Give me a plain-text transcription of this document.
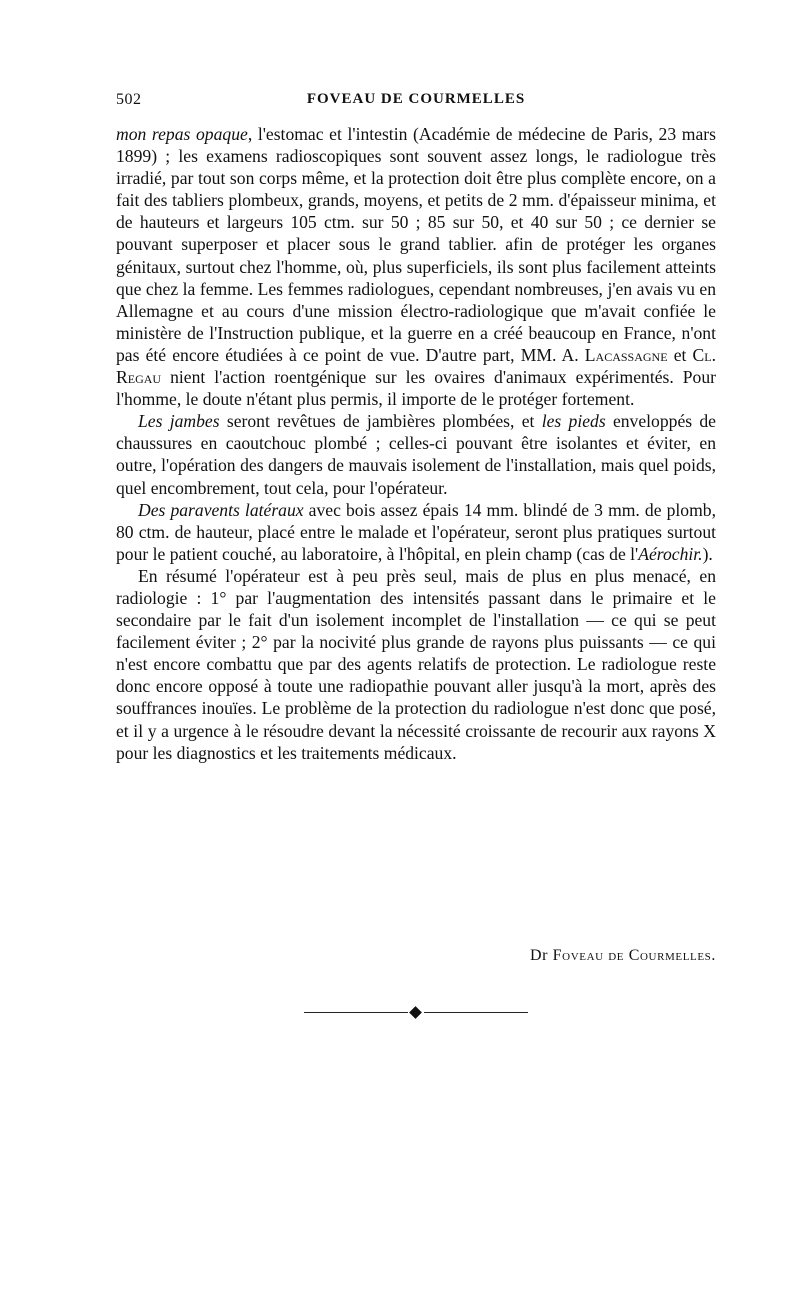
502	FOVEAU DE COURMELLES

mon repas opaque, l'estomac et l'intestin (Académie de médecine de Paris, 23 mars 1899) ; les examens radioscopiques sont souvent assez longs, le radiologue très irradié, par tout son corps même, et la protection doit être plus complète encore, on a fait des tabliers plombeux, grands, moyens, et petits de 2 mm. d'épaisseur minima, et de hauteurs et largeurs 105 ctm. sur 50 ; 85 sur 50, et 40 sur 50 ; ce dernier se pouvant superposer et placer sous le grand tablier. afin de protéger les organes génitaux, surtout chez l'homme, où, plus superficiels, ils sont plus facilement atteints que chez la femme. Les femmes radiologues, cependant nombreuses, j'en avais vu en Allemagne et au cours d'une mission électro-radiologique que m'avait confiée le ministère de l'Instruction publique, et la guerre en a créé beaucoup en France, n'ont pas été encore étudiées à ce point de vue. D'autre part, MM. A. Lacassagne et Cl. Regau nient l'action roentgénique sur les ovaires d'animaux expérimentés. Pour l'homme, le doute n'étant plus permis, il importe de le protéger fortement.

Les jambes seront revêtues de jambières plombées, et les pieds enveloppés de chaussures en caoutchouc plombé ; celles-ci pouvant être isolantes et éviter, en outre, l'opération des dangers de mauvais isolement de l'installation, mais quel poids, quel encombrement, tout cela, pour l'opérateur.

Des paravents latéraux avec bois assez épais 14 mm. blindé de 3 mm. de plomb, 80 ctm. de hauteur, placé entre le malade et l'opérateur, seront plus pratiques surtout pour le patient couché, au laboratoire, à l'hôpital, en plein champ (cas de l'Aérochir.).

En résumé l'opérateur est à peu près seul, mais de plus en plus menacé, en radiologie : 1° par l'augmentation des intensités passant dans le primaire et le secondaire par le fait d'un isolement incomplet de l'installation — ce qui se peut facilement éviter ; 2° par la nocivité plus grande de rayons plus puissants — ce qui n'est encore combattu que par des agents relatifs de protection. Le radiologue reste donc encore opposé à toute une radiopathie pouvant aller jusqu'à la mort, après des souffrances inouïes. Le problème de la protection du radiologue n'est donc que posé, et il y a urgence à le résoudre devant la nécessité croissante de recourir aux rayons X pour les diagnostics et les traitements médicaux.

Dr Foveau de Courmelles.
